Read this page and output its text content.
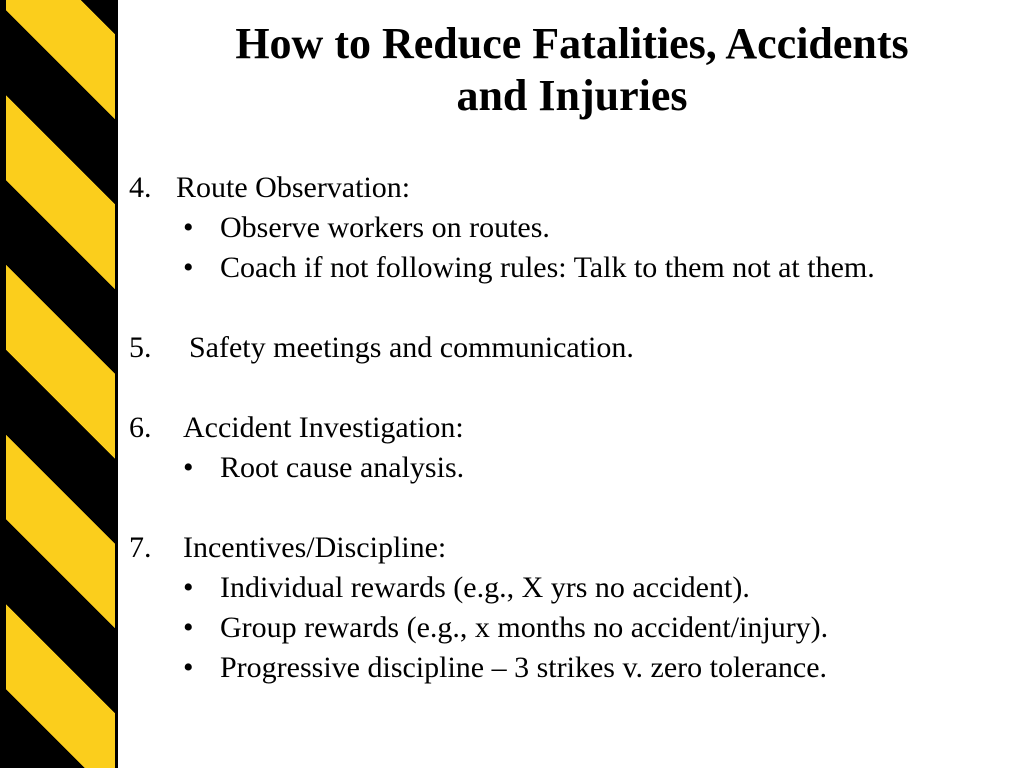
How to Reduce Fatalities, Accidents
and Injuries
4. Route Observation:
• Observe workers on routes.
• Coach if not following rules: Talk to them not at them.
5.	Safety meetings and communication.
6.	Accident Investigation:
• Root cause analysis.
7.	Incentives/Discipline:
• Individual rewards (e.g., X yrs no accident).
• Group rewards (e.g., x months no accident/injury).
• Progressive discipline – 3 strikes v. zero tolerance.
